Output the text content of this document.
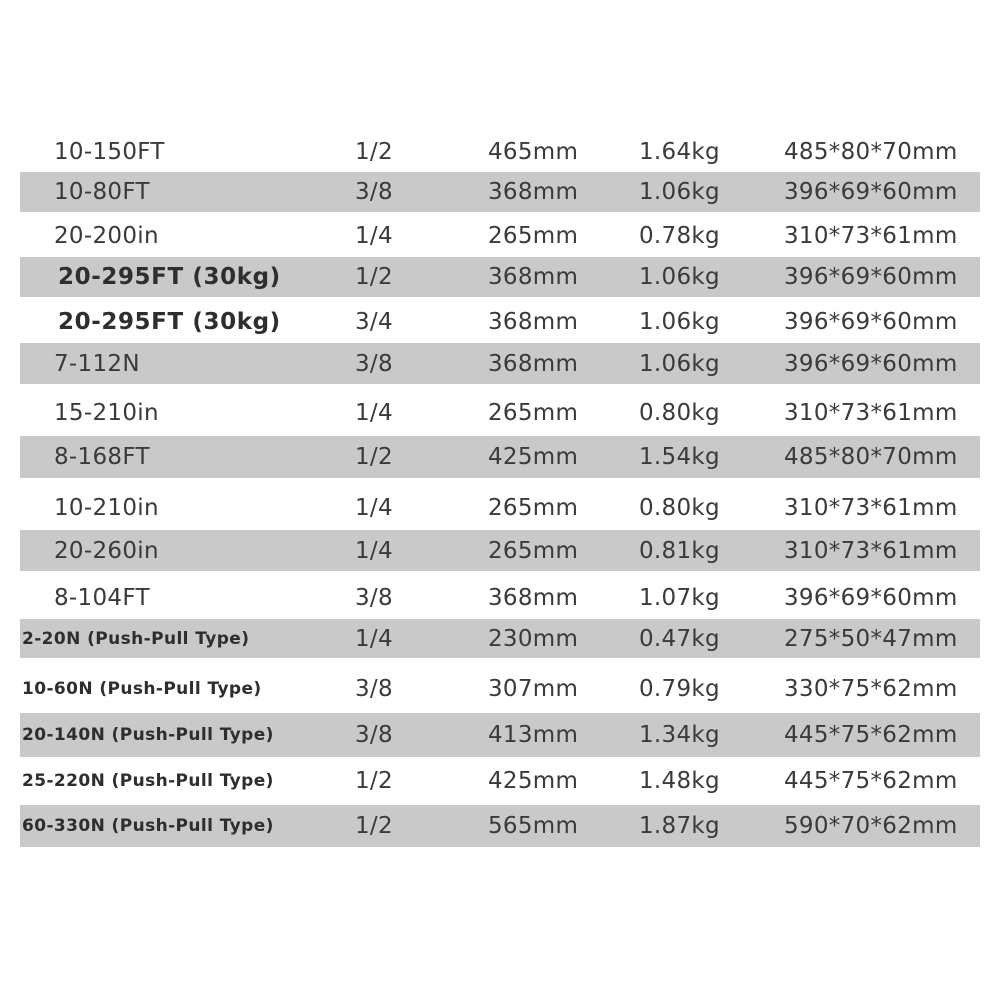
10-150FT	1/2	465mm	1.64kg	485*80*70mm
10-80FT	3/8	368mm	1.06kg	396*69*60mm
20-200in	1/4	265mm	0.78kg	310*73*61mm
20-295FT (30kg)	1/2	368mm	1.06kg	396*69*60mm
20-295FT (30kg)	3/4	368mm	1.06kg	396*69*60mm
7-112N	3/8	368mm	1.06kg	396*69*60mm
15-210in	1/4	265mm	0.80kg	310*73*61mm
8-168FT	1/2	425mm	1.54kg	485*80*70mm
10-210in	1/4	265mm	0.80kg	310*73*61mm
20-260in	1/4	265mm	0.81kg	310*73*61mm
8-104FT	3/8	368mm	1.07kg	396*69*60mm
2-20N (Push-Pull Type)	1/4	230mm	0.47kg	275*50*47mm
10-60N (Push-Pull Type)	3/8	307mm	0.79kg	330*75*62mm
20-140N (Push-Pull Type)	3/8	413mm	1.34kg	445*75*62mm
25-220N (Push-Pull Type)	1/2	425mm	1.48kg	445*75*62mm
60-330N (Push-Pull Type)	1/2	565mm	1.87kg	590*70*62mm
